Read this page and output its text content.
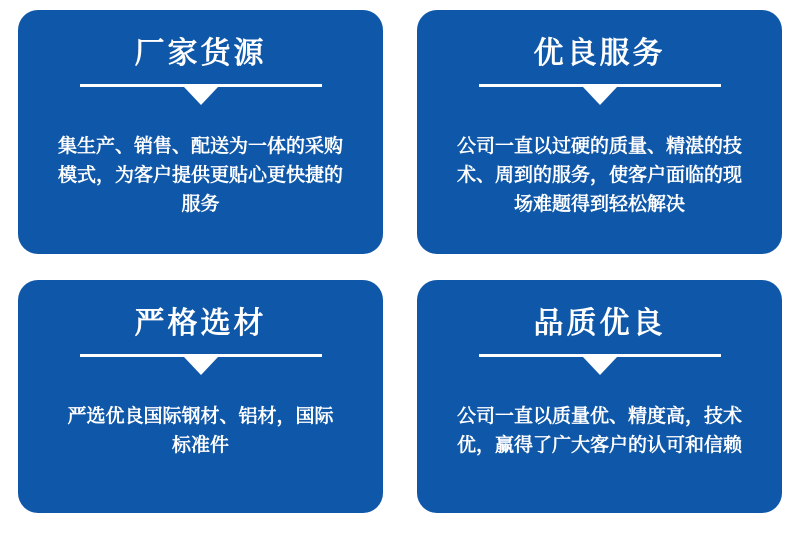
厂家货源
集生产、销售、配送为一体的采购
模式，为客户提供更贴心更快捷的
服务
优良服务
公司一直以过硬的质量、精湛的技
术、周到的服务，使客户面临的现
场难题得到轻松解决
严格选材
严选优良国际钢材、铝材，国际
标准件
品质优良
公司一直以质量优、精度高，技术
优，赢得了广大客户的认可和信赖
